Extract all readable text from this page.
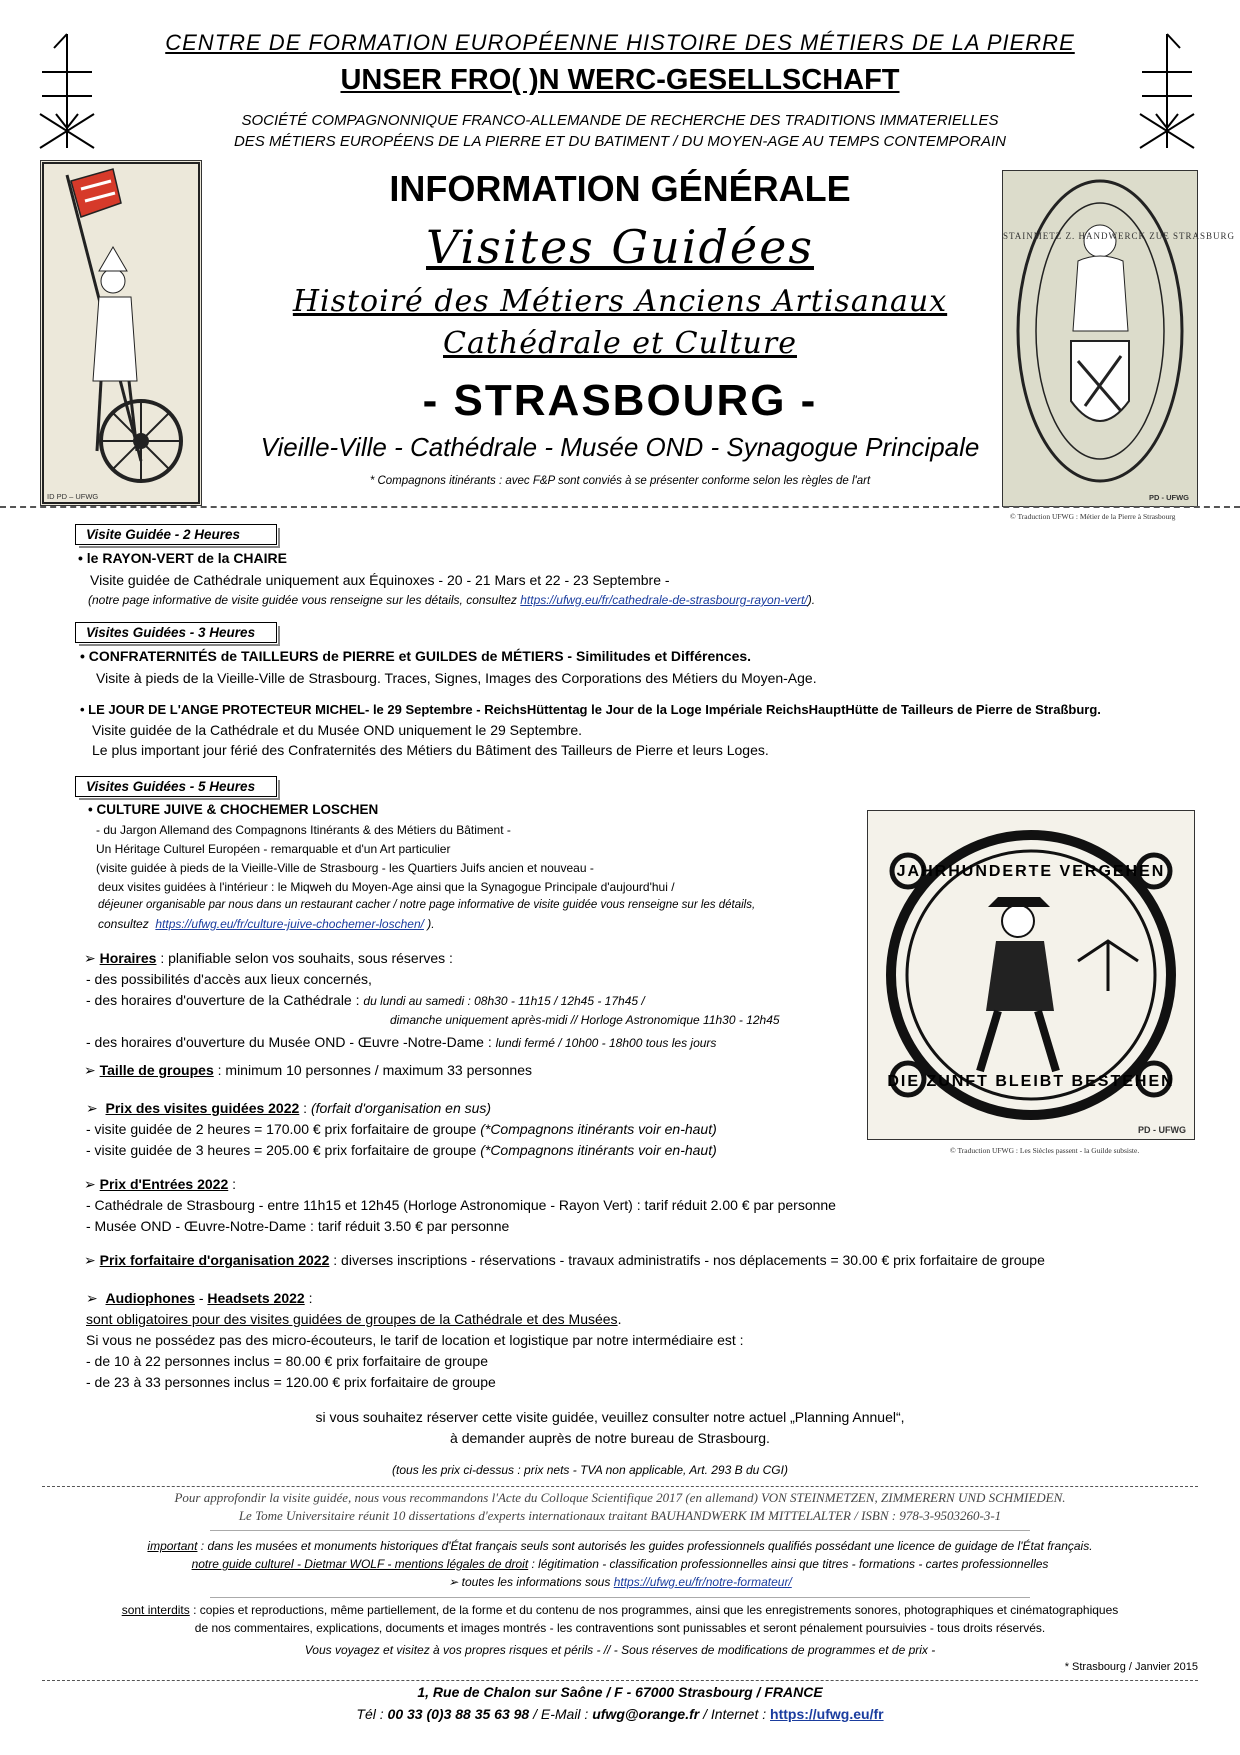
CENTRE DE FORMATION EUROPÉENNE HISTOIRE DES MÉTIERS DE LA PIERRE
UNSER FRO( )N WERC-GESELLSCHAFT
SOCIÉTÉ COMPAGNONNIQUE FRANCO-ALLEMANDE DE RECHERCHE DES TRADITIONS IMMATERIELLES
DES MÉTIERS EUROPÉENS DE LA PIERRE ET DU BATIMENT / DU MOYEN-AGE AU TEMPS CONTEMPORAIN
ID PD – UFWG	PD - UFWG
STAINMETZ Z. HANDWERCK ZUE STRASBURG
© Traduction UFWG : Métier de la Pierre à Strasbourg
INFORMATION GÉNÉRALE
Visites Guidées
Histoiré des Métiers Anciens Artisanaux
Cathédrale et Culture
- STRASBOURG -
Vieille-Ville - Cathédrale - Musée OND - Synagogue Principale
* Compagnons itinérants : avec F&P sont conviés à se présenter conforme selon les règles de l'art
Visite Guidée - 2 Heures
• le RAYON-VERT de la CHAIRE
Visite guidée de Cathédrale uniquement aux Équinoxes - 20 - 21 Mars et 22 - 23 Septembre -
(notre page informative de visite guidée vous renseigne sur les détails, consultez https://ufwg.eu/fr/cathedrale-de-strasbourg-rayon-vert/).
Visites Guidées - 3 Heures
• CONFRATERNITÉS de TAILLEURS de PIERRE et GUILDES de MÉTIERS - Similitudes et Différences.
Visite à pieds de la Vieille-Ville de Strasbourg. Traces, Signes, Images des Corporations des Métiers du Moyen-Age.
• LE JOUR DE L'ANGE PROTECTEUR MICHEL- le 29 Septembre - ReichsHüttentag le Jour de la Loge Impériale ReichsHauptHütte de Tailleurs de Pierre de Straßburg.
Visite guidée de la Cathédrale et du Musée OND uniquement le 29 Septembre.
Le plus important jour férié des Confraternités des Métiers du Bâtiment des Tailleurs de Pierre et leurs Loges.
Visites Guidées - 5 Heures
• CULTURE JUIVE & CHOCHEMER LOSCHEN
- du Jargon Allemand des Compagnons Itinérants & des Métiers du Bâtiment -
Un Héritage Culturel Européen - remarquable et d'un Art particulier
(visite guidée à pieds de la Vieille-Ville de Strasbourg - les Quartiers Juifs ancien et nouveau -
deux visites guidées à l'intérieur : le Miqweh du Moyen-Age ainsi que la Synagogue Principale d'aujourd'hui /
déjeuner organisable par nous dans un restaurant cacher / notre page informative de visite guidée vous renseigne sur les détails,
consultez https://ufwg.eu/fr/culture-juive-chochemer-loschen/ ).
JAHRHUNDERTE VERGEHEN
DIE ZUNFT BLEIBT BESTEHEN
PD - UFWG
© Traduction UFWG : Les Siècles passent - la Guilde subsiste.
➢ Horaires : planifiable selon vos souhaits, sous réserves :
- des possibilités d'accès aux lieux concernés,
- des horaires d'ouverture de la Cathédrale : du lundi au samedi : 08h30 - 11h15 / 12h45 - 17h45 /
dimanche uniquement après-midi // Horloge Astronomique 11h30 - 12h45
- des horaires d'ouverture du Musée OND - Œuvre -Notre-Dame : lundi fermé / 10h00 - 18h00 tous les jours
➢ Taille de groupes : minimum 10 personnes / maximum 33 personnes
➢  Prix des visites guidées 2022 : (forfait d'organisation en sus)
- visite guidée de 2 heures = 170.00 € prix forfaitaire de groupe (*Compagnons itinérants voir en-haut)
- visite guidée de 3 heures = 205.00 € prix forfaitaire de groupe (*Compagnons itinérants voir en-haut)
➢ Prix d'Entrées 2022 :
- Cathédrale de Strasbourg - entre 11h15 et 12h45 (Horloge Astronomique - Rayon Vert) : tarif réduit 2.00 € par personne
- Musée OND - Œuvre-Notre-Dame : tarif réduit 3.50 € par personne
➢ Prix forfaitaire d'organisation 2022 : diverses inscriptions - réservations - travaux administratifs - nos déplacements = 30.00 € prix forfaitaire de groupe
➢  Audiophones - Headsets 2022 :
sont obligatoires pour des visites guidées de groupes de la Cathédrale et des Musées.
Si vous ne possédez pas des micro-écouteurs, le tarif de location et logistique par notre intermédiaire est :
- de 10 à 22 personnes inclus = 80.00 € prix forfaitaire de groupe
- de 23 à 33 personnes inclus = 120.00 € prix forfaitaire de groupe
si vous souhaitez réserver cette visite guidée, veuillez consulter notre actuel „Planning Annuel“,
à demander auprès de notre bureau de Strasbourg.
(tous les prix ci-dessus : prix nets - TVA non applicable, Art. 293 B du CGI)
Pour approfondir la visite guidée, nous vous recommandons l'Acte du Colloque Scientifique 2017 (en allemand) VON STEINMETZEN, ZIMMERERN UND SCHMIEDEN.
Le Tome Universitaire réunit 10 dissertations d'experts internationaux traitant BAUHANDWERK IM MITTELALTER / ISBN : 978-3-9503260-3-1
important : dans les musées et monuments historiques d'État français seuls sont autorisés les guides professionnels qualifiés possédant une licence de guidage de l'État français.
notre guide culturel - Dietmar WOLF - mentions légales de droit : légitimation - classification professionnelles ainsi que titres - formations - cartes professionnelles
➢ toutes les informations sous https://ufwg.eu/fr/notre-formateur/
sont interdits : copies et reproductions, même partiellement, de la forme et du contenu de nos programmes, ainsi que les enregistrements sonores, photographiques et cinématographiques
de nos commentaires, explications, documents et images montrés - les contraventions sont punissables et seront pénalement poursuivies - tous droits réservés.
Vous voyagez et visitez à vos propres risques et périls - // - Sous réserves de modifications de programmes et de prix -
* Strasbourg / Janvier 2015
1, Rue de Chalon sur Saône / F - 67000 Strasbourg / FRANCE
Tél : 00 33 (0)3 88 35 63 98 / E-Mail : ufwg@orange.fr / Internet : https://ufwg.eu/fr
